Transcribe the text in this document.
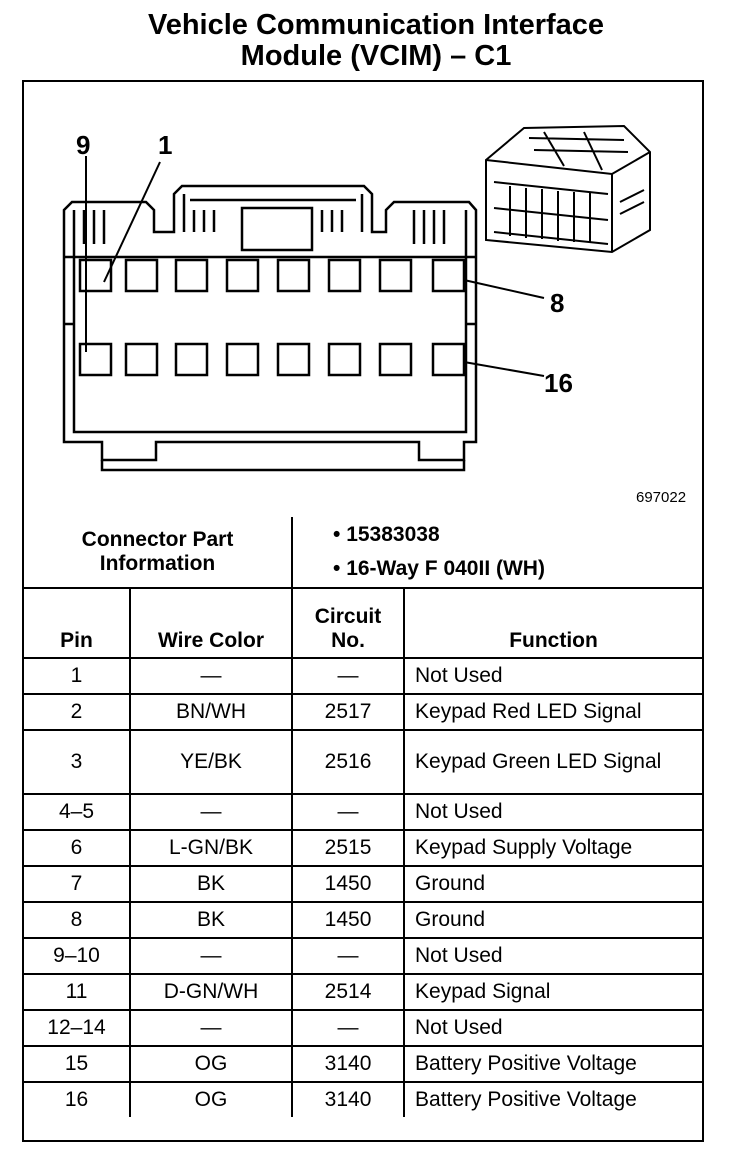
Vehicle Communication Interface
Module (VCIM) – C1
9	1
8
16
697022
Connector Part Information		• 15383038
• 16-Way F 040II (WH)	

Pin	Wire Color	Circuit No.	Function
1	—	—	Not Used
2	BN/WH	2517	Keypad Red LED Signal
3	YE/BK	2516	Keypad Green LED Signal
4–5	—	—	Not Used
6	L-GN/BK	2515	Keypad Supply Voltage
7	BK	1450	Ground
8	BK	1450	Ground
9–10	—	—	Not Used
11	D-GN/WH	2514	Keypad Signal
12–14	—	—	Not Used
15	OG	3140	Battery Positive Voltage
16	OG	3140	Battery Positive Voltage
